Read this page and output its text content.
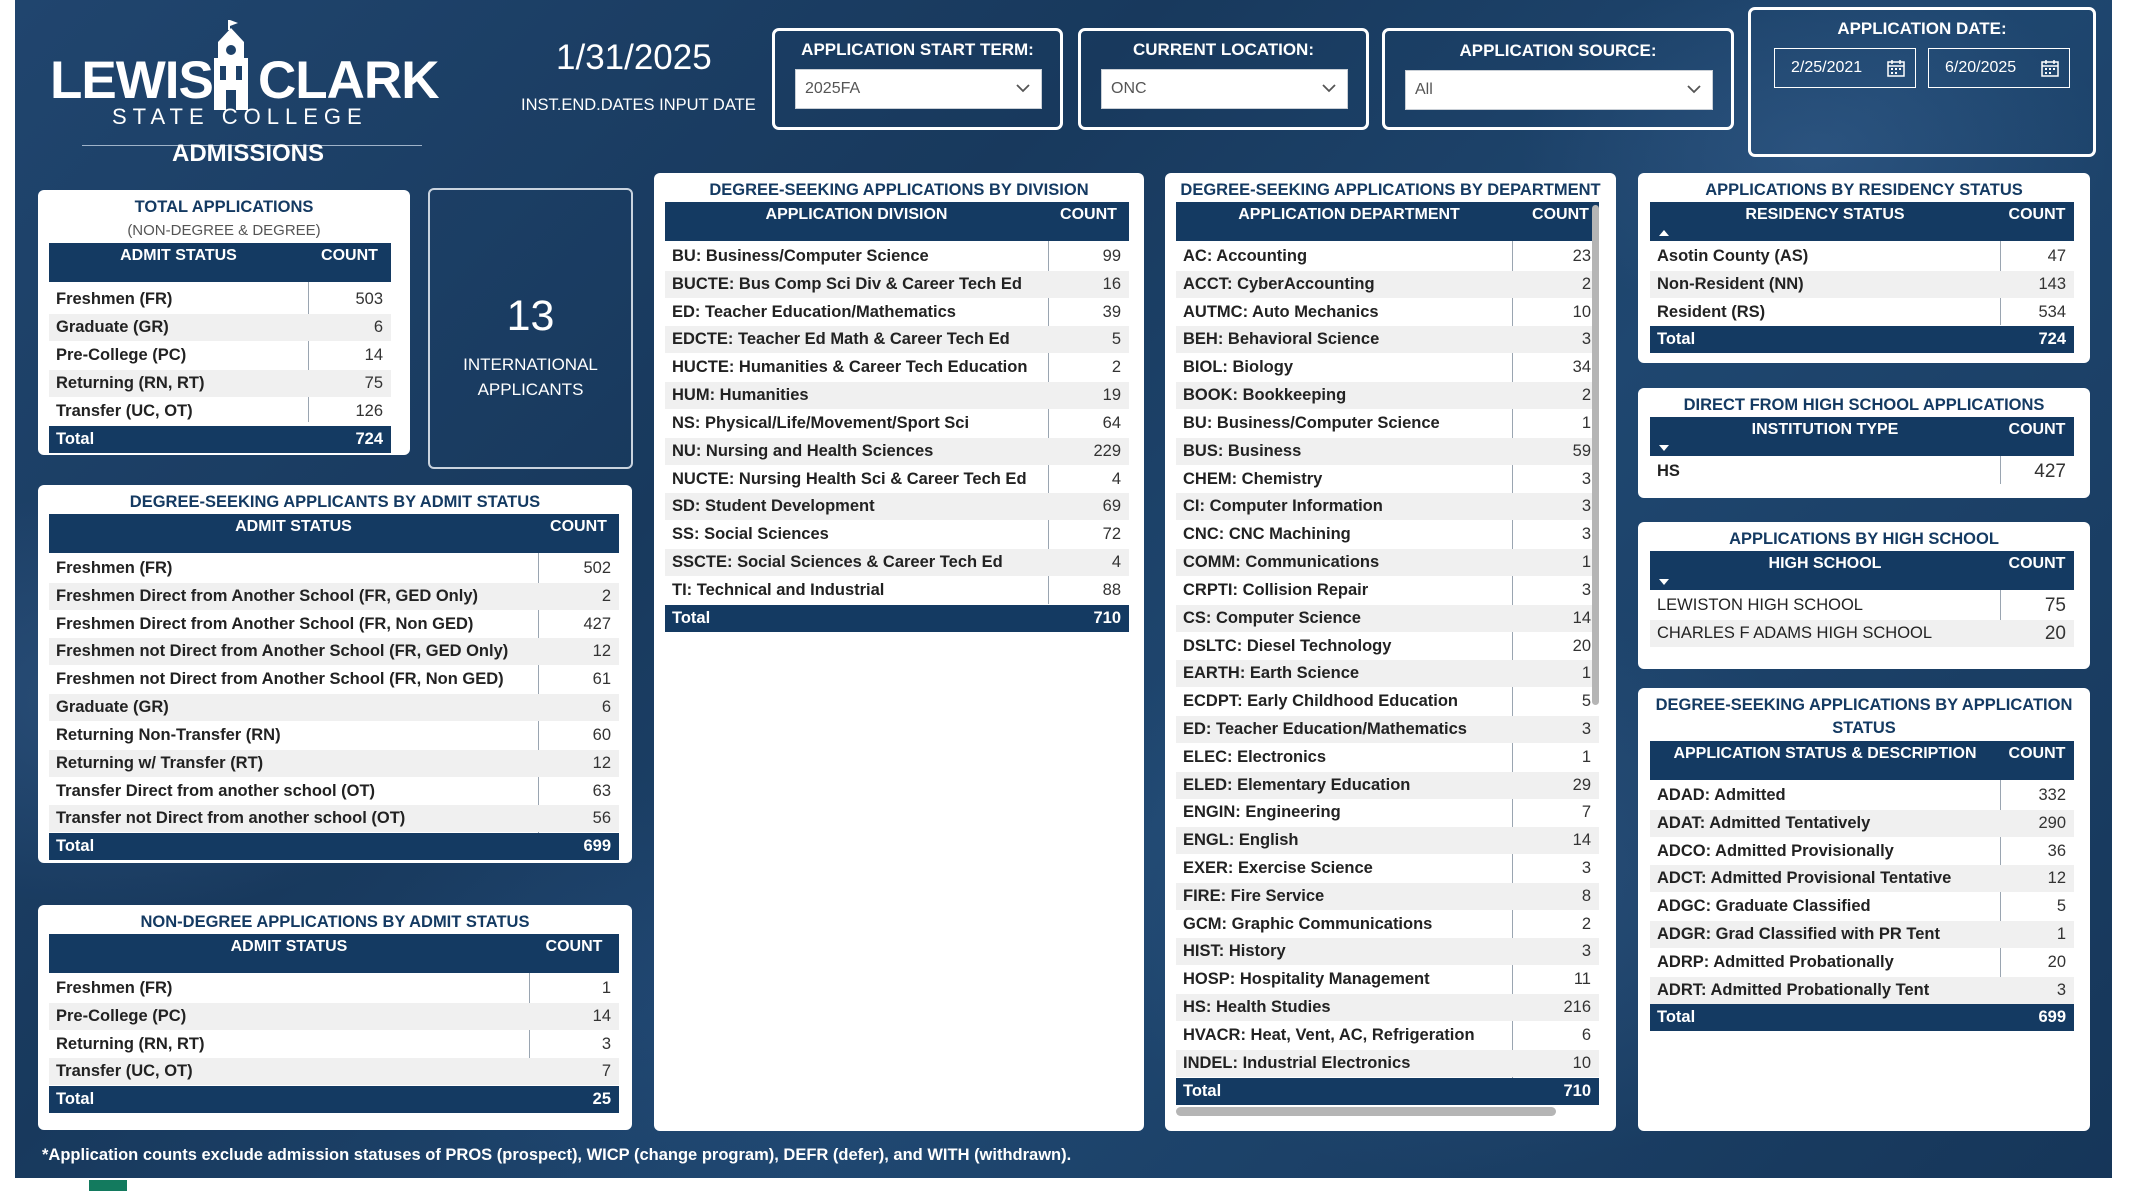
LEWIS CLARK
STATE COLLEGE
ADMISSIONS
1/31/2025
INST.END.DATES INPUT DATE
APPLICATION START TERM:
2025FA
CURRENT LOCATION:
ONC
APPLICATION SOURCE:
All
APPLICATION DATE:
2/25/2021	6/20/2025
TOTAL APPLICATIONS
(NON-DEGREE & DEGREE)
ADMIT STATUS	COUNT
Freshmen (FR)	503
Graduate (GR)	6
Pre-College (PC)	14
Returning (RN, RT)	75
Transfer (UC, OT)	126
Total	724
13
INTERNATIONAL
APPLICANTS
DEGREE-SEEKING APPLICANTS BY ADMIT STATUS
ADMIT STATUS	COUNT
Freshmen (FR)	502
Freshmen Direct from Another School (FR, GED Only)	2
Freshmen Direct from Another School (FR, Non GED)	427
Freshmen not Direct from Another School (FR, GED Only)	12
Freshmen not Direct from Another School (FR, Non GED)	61
Graduate (GR)	6
Returning Non-Transfer (RN)	60
Returning w/ Transfer (RT)	12
Transfer Direct from another school (OT)	63
Transfer not Direct from another school (OT)	56
Total	699
NON-DEGREE APPLICATIONS BY ADMIT STATUS
ADMIT STATUS	COUNT
Freshmen (FR)	1
Pre-College (PC)	14
Returning (RN, RT)	3
Transfer (UC, OT)	7
Total	25
DEGREE-SEEKING APPLICATIONS BY DIVISION
APPLICATION DIVISION	COUNT
BU: Business/Computer Science	99
BUCTE: Bus Comp Sci Div & Career Tech Ed	16
ED: Teacher Education/Mathematics	39
EDCTE: Teacher Ed Math & Career Tech Ed	5
HUCTE: Humanities & Career Tech Education	2
HUM: Humanities	19
NS: Physical/Life/Movement/Sport Sci	64
NU: Nursing and Health Sciences	229
NUCTE: Nursing Health Sci & Career Tech Ed	4
SD: Student Development	69
SS: Social Sciences	72
SSCTE: Social Sciences & Career Tech Ed	4
TI: Technical and Industrial	88
Total	710
DEGREE-SEEKING APPLICATIONS BY DEPARTMENT
APPLICATION DEPARTMENT	COUNT
AC: Accounting	23
ACCT: CyberAccounting	2
AUTMC: Auto Mechanics	10
BEH: Behavioral Science	3
BIOL: Biology	34
BOOK: Bookkeeping	2
BU: Business/Computer Science	1
BUS: Business	59
CHEM: Chemistry	3
CI: Computer Information	3
CNC: CNC Machining	3
COMM: Communications	1
CRPTI: Collision Repair	3
CS: Computer Science	14
DSLTC: Diesel Technology	20
EARTH: Earth Science	1
ECDPT: Early Childhood Education	5
ED: Teacher Education/Mathematics	3
ELEC: Electronics	1
ELED: Elementary Education	29
ENGIN: Engineering	7
ENGL: English	14
EXER: Exercise Science	3
FIRE: Fire Service	8
GCM: Graphic Communications	2
HIST: History	3
HOSP: Hospitality Management	11
HS: Health Studies	216
HVACR: Heat, Vent, AC, Refrigeration	6
INDEL: Industrial Electronics	10
Total	710
APPLICATIONS BY RESIDENCY STATUS
RESIDENCY STATUS	COUNT
Asotin County (AS)	47
Non-Resident (NN)	143
Resident (RS)	534
Total	724
DIRECT FROM HIGH SCHOOL APPLICATIONS
INSTITUTION TYPE	COUNT
HS	427
APPLICATIONS BY HIGH SCHOOL
HIGH SCHOOL	COUNT
LEWISTON HIGH SCHOOL	75
CHARLES F ADAMS HIGH SCHOOL	20
DEGREE-SEEKING APPLICATIONS BY APPLICATION
STATUS
APPLICATION STATUS & DESCRIPTION	COUNT
ADAD: Admitted	332
ADAT: Admitted Tentatively	290
ADCO: Admitted Provisionally	36
ADCT: Admitted Provisional Tentative	12
ADGC: Graduate Classified	5
ADGR: Grad Classified with PR Tent	1
ADRP: Admitted Probationally	20
ADRT: Admitted Probationally Tent	3
Total	699
*Application counts exclude admission statuses of PROS (prospect), WICP (change program), DEFR (defer), and WITH (withdrawn).
